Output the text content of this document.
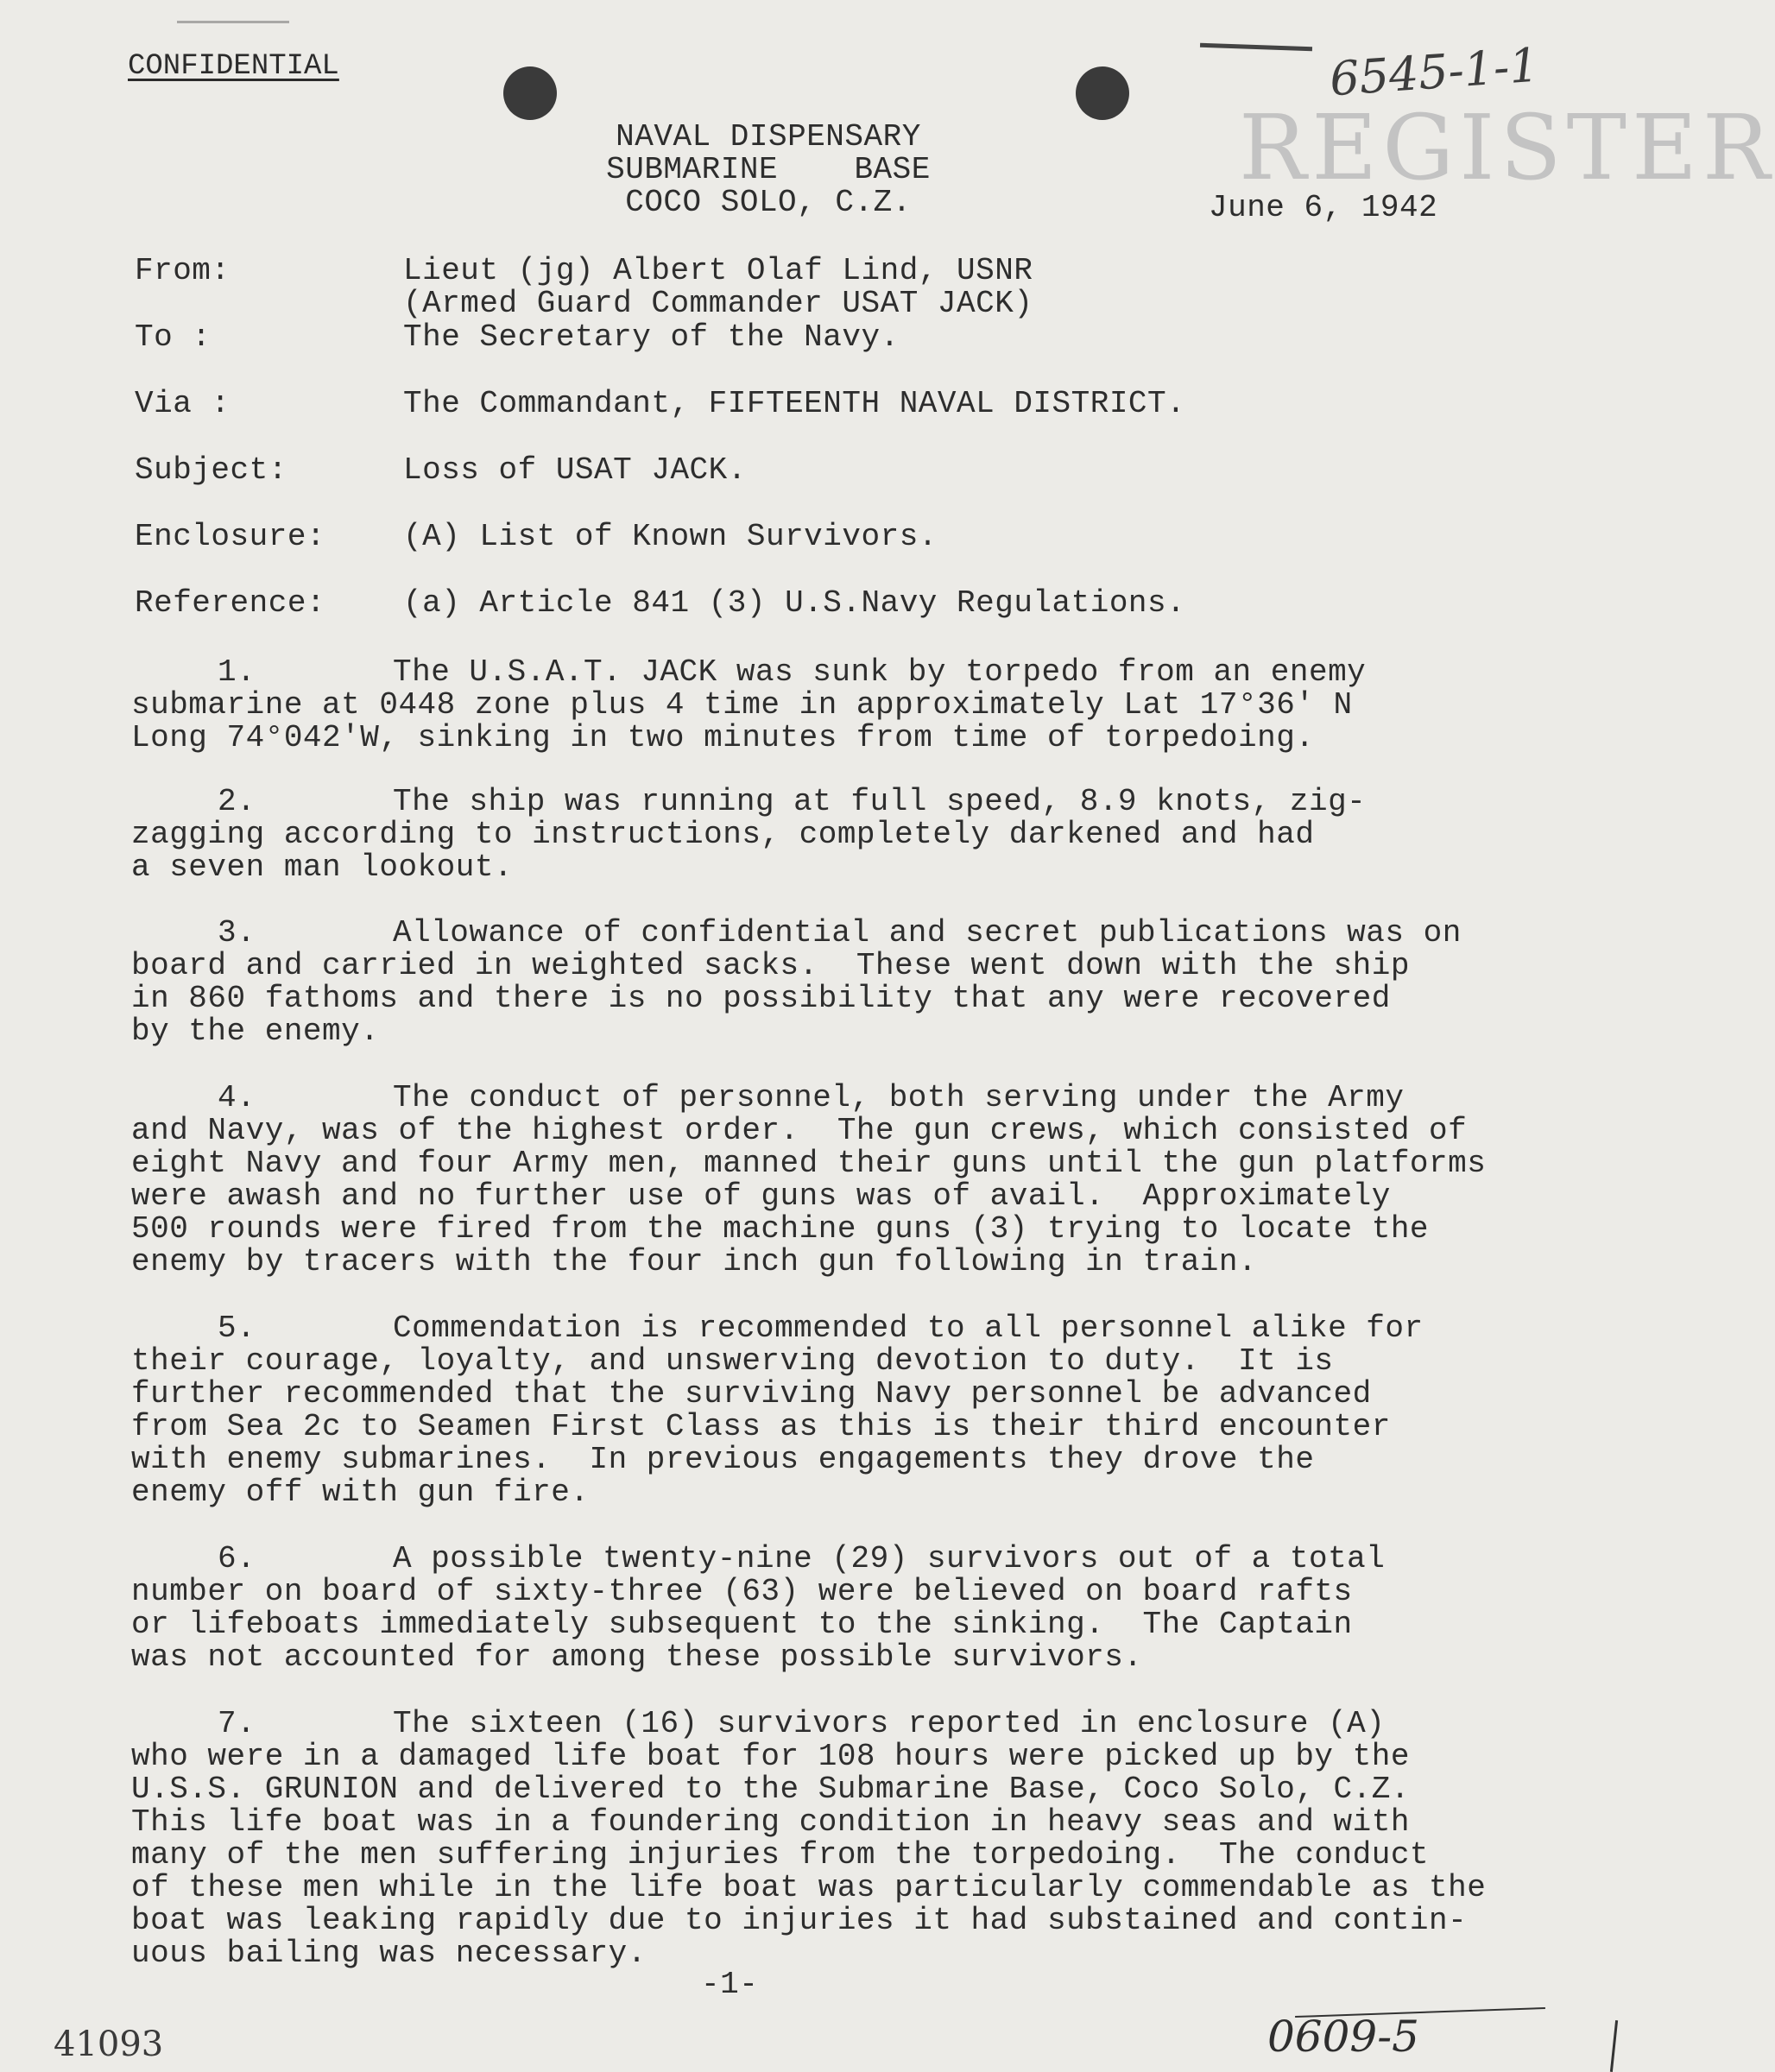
CONFIDENTIAL	6545-1-1
REGISTER
NAVAL DISPENSARY
SUBMARINE    BASE
COCO SOLO, C.Z.	June 6, 1942
From:	Lieut (jg) Albert Olaf Lind, USNR
(Armed Guard Commander USAT JACK)
To :	The Secretary of the Navy.
Via :	The Commandant, FIFTEENTH NAVAL DISTRICT.
Subject:	Loss of USAT JACK.
Enclosure: (A) List of Known Survivors.
Reference: (a) Article 841 (3) U.S.Navy Regulations.
1.	The U.S.A.T. JACK was sunk by torpedo from an enemy
submarine at 0448 zone plus 4 time in approximately Lat 17°36' N
Long 74°042'W, sinking in two minutes from time of torpedoing.
2.	The ship was running at full speed, 8.9 knots, zig-
zagging according to instructions, completely darkened and had
a seven man lookout.
3.	Allowance of confidential and secret publications was on
board and carried in weighted sacks.  These went down with the ship
in 860 fathoms and there is no possibility that any were recovered
by the enemy.
4.	The conduct of personnel, both serving under the Army
and Navy, was of the highest order.  The gun crews, which consisted of
eight Navy and four Army men, manned their guns until the gun platforms
were awash and no further use of guns was of avail.  Approximately
500 rounds were fired from the machine guns (3) trying to locate the
enemy by tracers with the four inch gun following in train.
5.	Commendation is recommended to all personnel alike for
their courage, loyalty, and unswerving devotion to duty.  It is
further recommended that the surviving Navy personnel be advanced
from Sea 2c to Seamen First Class as this is their third encounter
with enemy submarines.  In previous engagements they drove the
enemy off with gun fire.
6.	A possible twenty-nine (29) survivors out of a total
number on board of sixty-three (63) were believed on board rafts
or lifeboats immediately subsequent to the sinking.  The Captain
was not accounted for among these possible survivors.
7.	The sixteen (16) survivors reported in enclosure (A)
who were in a damaged life boat for 108 hours were picked up by the
U.S.S. GRUNION and delivered to the Submarine Base, Coco Solo, C.Z.
This life boat was in a foundering condition in heavy seas and with
many of the men suffering injuries from the torpedoing.  The conduct
of these men while in the life boat was particularly commendable as the
boat was leaking rapidly due to injuries it had substained and contin-
uous bailing was necessary.
-1-
41093	0609-5
